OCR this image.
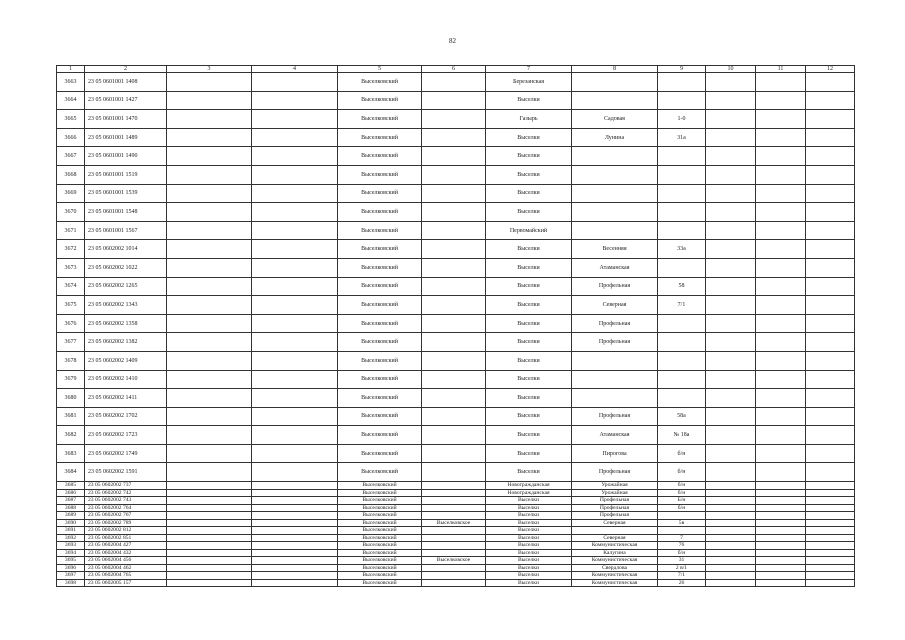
82
1	2	3	4	5	6	7	8	9	10	11	12
3663	23 05 0601001 1408			Выселковский		Березанская					
3664	23 05 0601001 1427			Выселковский		Выселки					
3665	23 05 0601001 1470			Выселковский		Газырь	Садовая	1-0			
3666	23 05 0601001 1489			Выселковский		Выселки	Лунина	31а			
3667	23 05 0601001 1490			Выселковский		Выселки					
3668	23 05 0601001 1519			Выселковский		Выселки					
3669	23 05 0601001 1539			Выселковский		Выселки					
3670	23 05 0601001 1548			Выселковский		Выселки					
3671	23 05 0601001 1567			Выселковский		Первомайский					
3672	23 05 0602002 1014			Выселковский		Выселки	Весенняя	33а			
3673	23 05 0602002 1022			Выселковский		Выселки	Атаманская				
3674	23 05 0602002 1265			Выселковский		Выселки	Профельная	58			
3675	23 05 0602002 1343			Выселковский		Выселки	Северная	7/1			
3676	23 05 0602002 1358			Выселковский		Выселки	Профельная				
3677	23 05 0602002 1382			Выселковский		Выселки	Профельная				
3678	23 05 0602002 1409			Выселковский		Выселки					
3679	23 05 0602002 1410			Выселковский		Выселки					
3680	23 05 0602002 1411			Выселковский		Выселки					
3681	23 05 0602002 1702			Выселковский		Выселки	Профельная	58а			
3682	23 05 0602002 1723			Выселковский		Выселки	Атаманская	№ 18а			
3683	23 05 0602002 1749			Выселковский		Выселки	Пирогова	б/н			
3684	23 05 0602002 1591			Выселковский		Выселки	Профельная	б/н			
3685	23 05 0602002 737			Выселковский		Новогражданская	Урожайная	б/н			
3686	23 05 0602002 742			Выселковский		Новогражданская	Урожайная	б/н			
3687	23 05 0602002 743			Выселковский		Выселки	Профельная	Б/н			
3688	23 05 0602002 764			Выселковский		Выселки	Профельная	б/н			
3689	23 05 0602002 767			Выселковский		Выселки	Профельная				
3690	23 05 0602002 789			Выселковский	Выселковское	Выселки	Северная	5в			
3691	23 05 0602002 812			Выселковский		Выселки					
3692	23 05 0602002 851			Выселковский		Выселки	Северная	7			
3693	23 05 0602004 427			Выселковский		Выселки	Коммунистическая	76			
3694	23 05 0602004 432			Выселковский		Выселки	Калугина	б/н			
3695	23 05 0602004 456			Выселковский	Выселковское	Выселки	Коммунистическая	31			
3696	23 05 0602004 462			Выселковский		Выселки	Свердлова	2 в/1			
3697	23 05 0602004 765			Выселковский		Выселки	Коммунистическая	7/1			
3698	23 05 0602005 157			Выселковский		Выселки	Коммунистическая	26			
